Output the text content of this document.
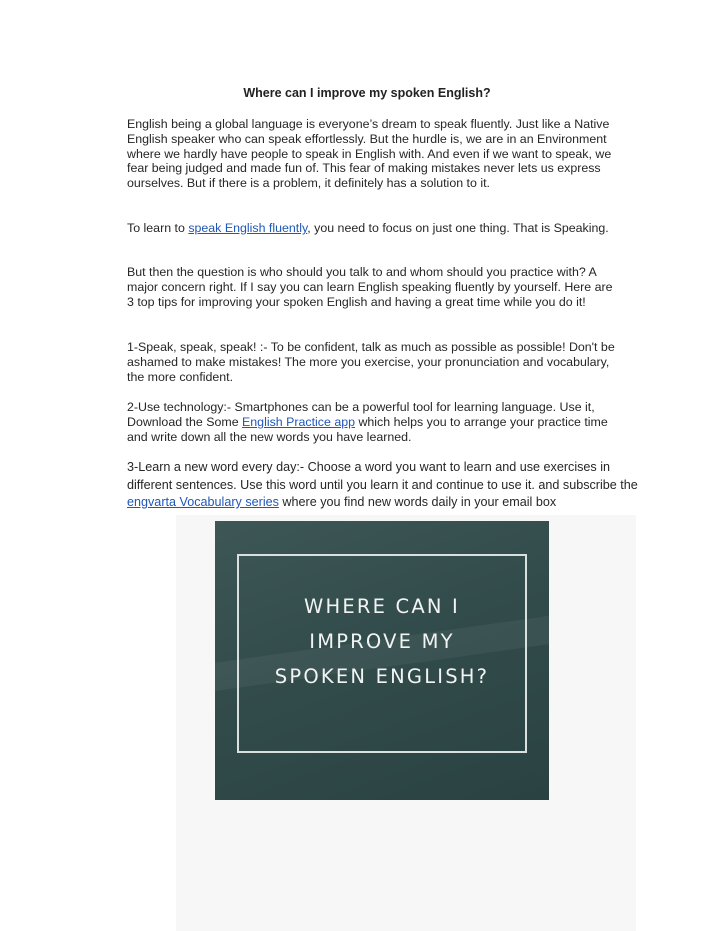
Where can I improve my spoken English?
English being a global language is everyone’s dream to speak fluently. Just like a Native English speaker who can speak effortlessly. But the hurdle is, we are in an Environment where we hardly have people to speak in English with. And even if we want to speak, we fear being judged and made fun of. This fear of making mistakes never lets us express ourselves. But if there is a problem, it definitely has a solution to it.
To learn to speak English fluently, you need to focus on just one thing. That is Speaking.
But then the question is who should you talk to and whom should you practice with? A major concern right. If I say you can learn English speaking fluently by yourself. Here are 3 top tips for improving your spoken English and having a great time while you do it!
1-Speak, speak, speak! :- To be confident, talk as much as possible as possible! Don't be ashamed to make mistakes! The more you exercise, your pronunciation and vocabulary, the more confident.
2-Use technology:- Smartphones can be a powerful tool for learning language. Use it, Download the Some English Practice app which helps you to arrange your practice time and write down all the new words you have learned.
3-Learn a new word every day:- Choose a word you want to learn and use exercises in different sentences. Use this word until you learn it and continue to use it. and subscribe the engvarta Vocabulary series where you find new words daily in your email box
WHERE CAN I
IMPROVE MY
SPOKEN ENGLISH?
